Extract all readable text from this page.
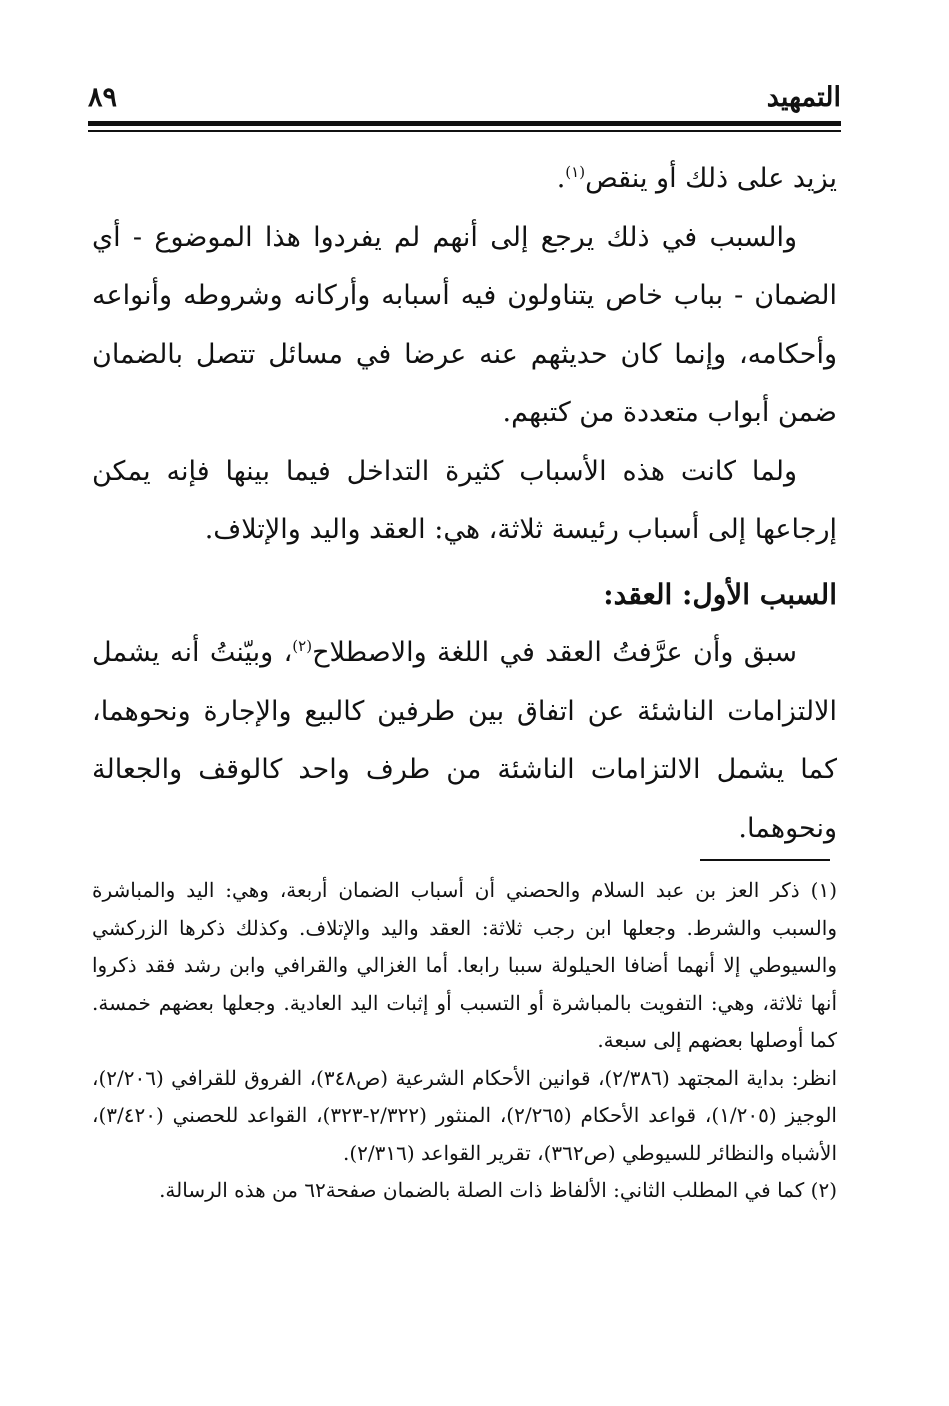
التمهيد
٨٩

يزيد على ذلك أو ينقص$^{(١)}$.

والسبب في ذلك يرجع إلى أنهم لم يفردوا هذا الموضوع - أي الضمان - بباب خاص يتناولون فيه أسبابه وأركانه وشروطه وأنواعه وأحكامه، وإنما كان حديثهم عنه عرضا في مسائل تتصل بالضمان ضمن أبواب متعددة من كتبهم.

ولما كانت هذه الأسباب كثيرة التداخل فيما بينها فإنه يمكن إرجاعها إلى أسباب رئيسة ثلاثة، هي: العقد واليد والإتلاف.

السبب الأول: العقد:

سبق وأن عرَّفتُ العقد في اللغة والاصطلاح$^{(٢)}$، وبيّنتُ أنه يشمل الالتزامات الناشئة عن اتفاق بين طرفين كالبيع والإجارة ونحوهما، كما يشمل الالتزامات الناشئة من طرف واحد كالوقف والجعالة ونحوهما.

(١) ذكر العز بن عبد السلام والحصني أن أسباب الضمان أربعة، وهي: اليد والمباشرة والسبب والشرط. وجعلها ابن رجب ثلاثة: العقد واليد والإتلاف. وكذلك ذكرها الزركشي والسيوطي إلا أنهما أضافا الحيلولة سببا رابعا. أما الغزالي والقرافي وابن رشد فقد ذكروا أنها ثلاثة، وهي: التفويت بالمباشرة أو التسبب أو إثبات اليد العادية. وجعلها بعضهم خمسة. كما أوصلها بعضهم إلى سبعة.

انظر: بداية المجتهد (٢/٣٨٦)، قوانين الأحكام الشرعية (ص٣٤٨)، الفروق للقرافي (٢/٢٠٦)، الوجيز (١/٢٠٥)، قواعد الأحكام (٢/٢٦٥)، المنثور (٢/٣٢٢-٣٢٣)، القواعد للحصني (٣/٤٢٠)، الأشباه والنظائر للسيوطي (ص٣٦٢)، تقرير القواعد (٢/٣١٦).

(٢) كما في المطلب الثاني: الألفاظ ذات الصلة بالضمان صفحة٦٢ من هذه الرسالة.
